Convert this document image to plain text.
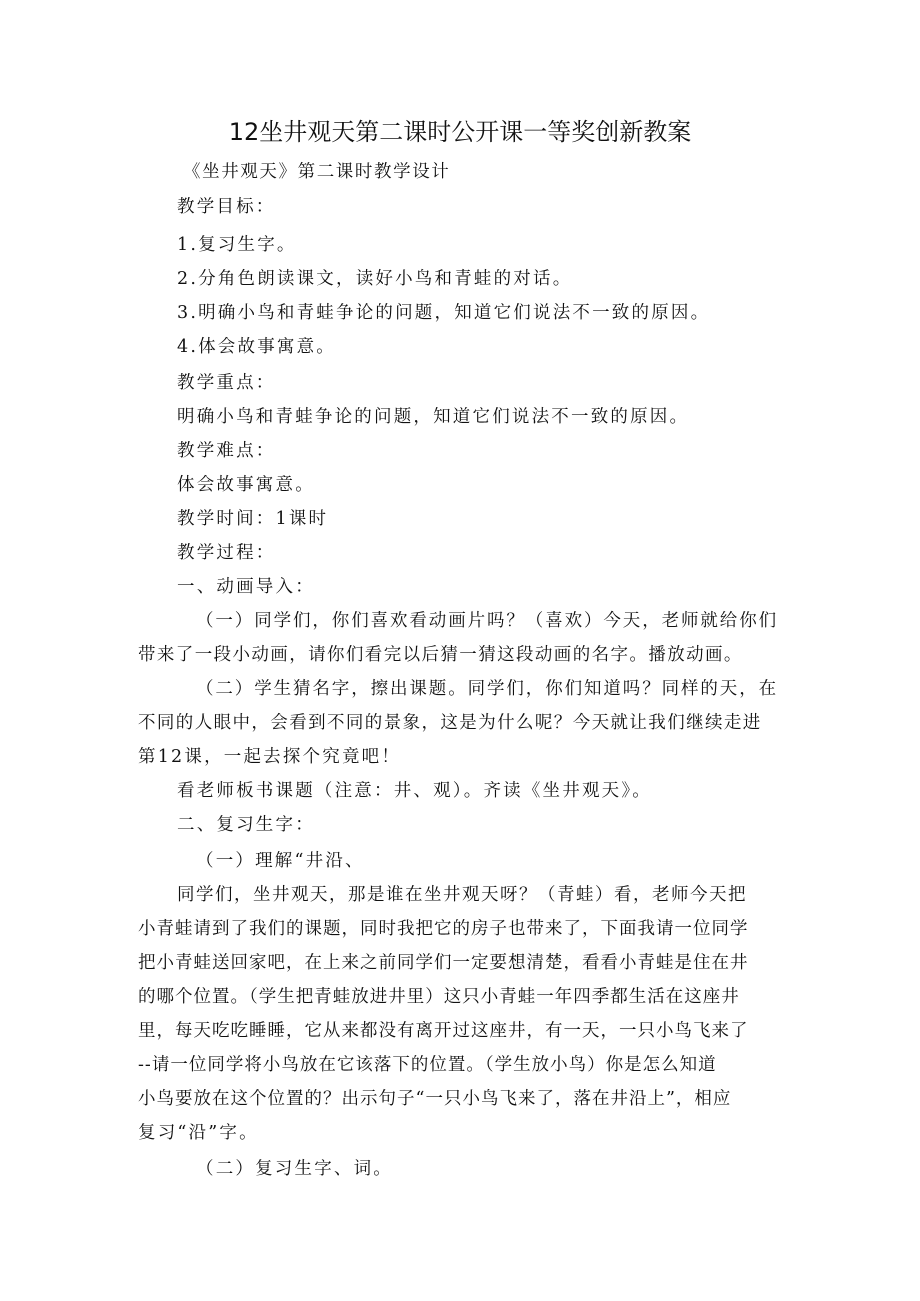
12坐井观天第二课时公开课一等奖创新教案
《坐井观天》第二课时教学设计
教学目标：
1.复习生字。
2.分角色朗读课文，读好小鸟和青蛙的对话。
3.明确小鸟和青蛙争论的问题，知道它们说法不一致的原因。
4.体会故事寓意。
教学重点：
明确小鸟和青蛙争论的问题，知道它们说法不一致的原因。
教学难点：
体会故事寓意。
教学时间：1课时
教学过程：
一、动画导入：
（一）同学们，你们喜欢看动画片吗？（喜欢）今天，老师就给你们
带来了一段小动画，请你们看完以后猜一猜这段动画的名字。播放动画。
（二）学生猜名字，擦出课题。同学们，你们知道吗？同样的天，在
不同的人眼中，会看到不同的景象，这是为什么呢？今天就让我们继续走进
第12课，一起去探个究竟吧！
看老师板书课题（注意：井、观）。齐读《坐井观天》。
二、复习生字：
（一）理解“井沿、
同学们，坐井观天，那是谁在坐井观天呀？（青蛙）看，老师今天把
小青蛙请到了我们的课题，同时我把它的房子也带来了，下面我请一位同学
把小青蛙送回家吧，在上来之前同学们一定要想清楚，看看小青蛙是住在井
的哪个位置。（学生把青蛙放进井里）这只小青蛙一年四季都生活在这座井
里，每天吃吃睡睡，它从来都没有离开过这座井，有一天，一只小鸟飞来了
--请一位同学将小鸟放在它该落下的位置。（学生放小鸟）你是怎么知道
小鸟要放在这个位置的？出示句子“一只小鸟飞来了，落在井沿上”，相应
复习“沿”字。
（二）复习生字、词。
